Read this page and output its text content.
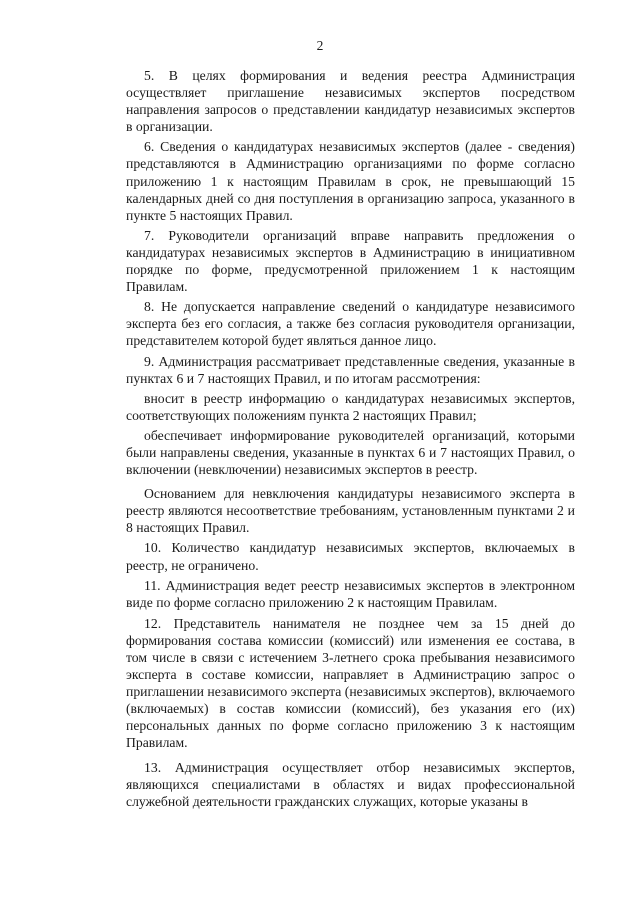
2

5. В целях формирования и ведения реестра Администрация осуществляет приглашение независимых экспертов посредством направления запросов о представлении кандидатур независимых экспертов в организации.

6. Сведения о кандидатурах независимых экспертов (далее - сведения) представляются в Администрацию организациями по форме согласно приложению 1 к настоящим Правилам в срок, не превышающий 15 календарных дней со дня поступления в организацию запроса, указанного в пункте 5 настоящих Правил.

7. Руководители организаций вправе направить предложения о кандидатурах независимых экспертов в Администрацию в инициативном порядке по форме, предусмотренной приложением 1 к настоящим Правилам.

8. Не допускается направление сведений о кандидатуре независимого эксперта без его согласия, а также без согласия руководителя организации, представителем которой будет являться данное лицо.

9. Администрация рассматривает представленные сведения, указанные в пунктах 6 и 7 настоящих Правил, и по итогам рассмотрения:

вносит в реестр информацию о кандидатурах независимых экспертов, соответствующих положениям пункта 2 настоящих Правил;

обеспечивает информирование руководителей организаций, которыми были направлены сведения, указанные в пунктах 6 и 7 настоящих Правил, о включении (невключении) независимых экспертов в реестр.

Основанием для невключения кандидатуры независимого эксперта в реестр являются несоответствие требованиям, установленным пунктами 2 и 8 настоящих Правил.

10. Количество кандидатур независимых экспертов, включаемых в реестр, не ограничено.

11. Администрация ведет реестр независимых экспертов в электронном виде по форме согласно приложению 2 к настоящим Правилам.

12. Представитель нанимателя не позднее чем за 15 дней до формирования состава комиссии (комиссий) или изменения ее состава, в том числе в связи с истечением 3-летнего срока пребывания независимого эксперта в составе комиссии, направляет в Администрацию запрос о приглашении независимого эксперта (независимых экспертов), включаемого (включаемых) в состав комиссии (комиссий), без указания его (их) персональных данных по форме согласно приложению 3 к настоящим Правилам.

13. Администрация осуществляет отбор независимых экспертов, являющихся специалистами в областях и видах профессиональной служебной деятельности гражданских служащих, которые указаны в
